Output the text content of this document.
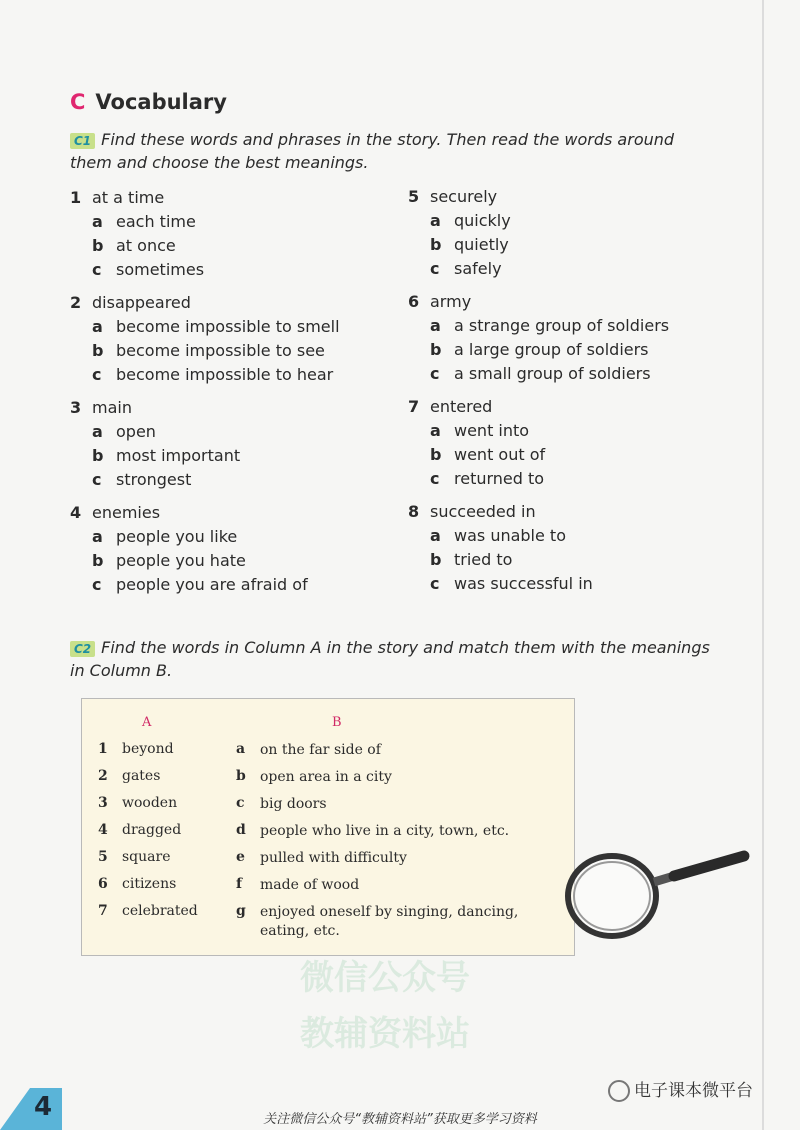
C Vocabulary
C1 Find these words and phrases in the story. Then read the words around them and choose the best meanings.
1 at a time
a each time
b at once
c sometimes
2 disappeared
a become impossible to smell
b become impossible to see
c become impossible to hear
3 main
a open
b most important
c strongest
4 enemies
a people you like
b people you hate
c people you are afraid of
5 securely
a quickly
b quietly
c safely
6 army
a a strange group of soldiers
b a large group of soldiers
c a small group of soldiers
7 entered
a went into
b went out of
c returned to
8 succeeded in
a was unable to
b tried to
c was successful in
C2 Find the words in Column A in the story and match them with the meanings in Column B.
A	B
1 beyond	a on the far side of
2 gates	b open area in a city
3 wooden	c big doors
4 dragged	d people who live in a city, town, etc.
5 square	e pulled with difficulty
6 citizens	f made of wood
7 celebrated	g enjoyed oneself by singing, dancing, eating, etc.
微信公众号
教辅资料站
电子课本微平台
4	关注微信公众号“教辅资料站”获取更多学习资料
